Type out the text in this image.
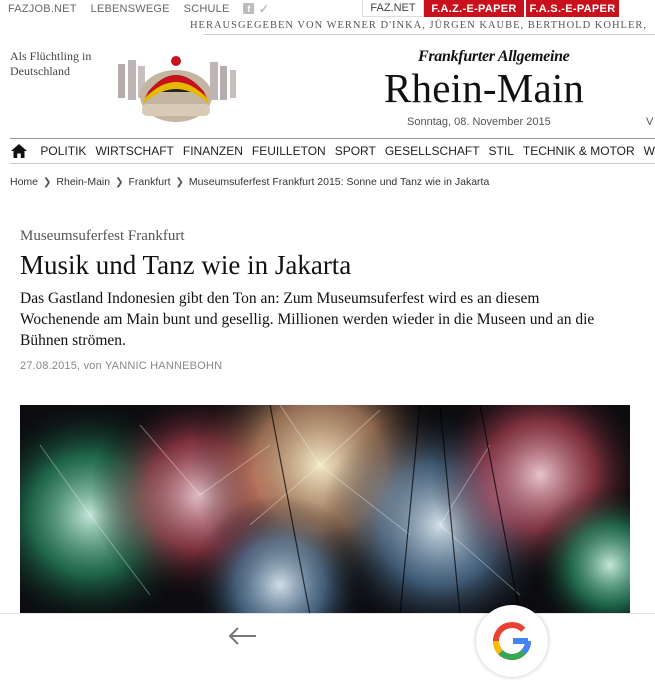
FAZJOB.NET LEBENSWEGE SCHULE	f ✓	FAZ.NET	F.A.Z.-E-PAPER	F.A.S.-E-PAPER
HERAUSGEGEBEN VON WERNER D'INKA, JÜRGEN KAUBE, BERTHOLD KOHLER,
Als Flüchtling in Deutschland
Frankfurter Allgemeine
Rhein-Main
Sonntag, 08. November 2015	V
POLITIK WIRTSCHAFT FINANZEN FEUILLETON SPORT GESELLSCHAFT STIL TECHNIK & MOTOR W
Home ❯ Rhein-Main ❯ Frankfurt ❯ Museumsuferfest Frankfurt 2015: Sonne und Tanz wie in Jakarta
Museumsuferfest Frankfurt
Musik und Tanz wie in Jakarta

Das Gastland Indonesien gibt den Ton an: Zum Museumsuferfest wird es an diesem Wochenende am Main bunt und gesellig. Millionen werden wieder in die Museen und an die Bühnen strömen.

27.08.2015, von YANNIC HANNEBOHN
